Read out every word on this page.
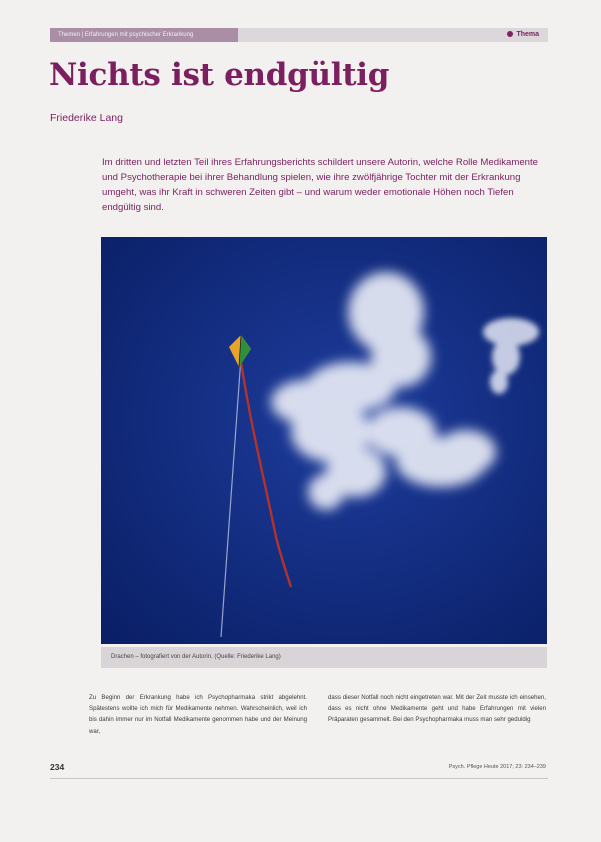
Themen | Erfahrungen mit psychischer Erkrankung	Thema
Nichts ist endgültig
Friederike Lang
Im dritten und letzten Teil ihres Erfahrungsberichts schildert unsere Autorin, welche Rolle Medikamente und Psychotherapie bei ihrer Behandlung spielen, wie ihre zwölfjährige Tochter mit der Erkrankung umgeht, was ihr Kraft in schweren Zeiten gibt – und warum weder emotionale Höhen noch Tiefen endgültig sind.
Drachen – fotografiert von der Autorin. (Quelle: Friederike Lang)
Zu Beginn der Erkrankung habe ich Psychopharmaka strikt abgelehnt. Spätestens wollte ich mich für Medikamente nehmen. Wahrscheinlich, weil ich bis dahin immer nur im Notfall Medikamente genommen habe und der Meinung war,
dass dieser Notfall noch nicht eingetreten war. Mit der Zeit musste ich einsehen, dass es nicht ohne Medikamente geht und habe Erfahrungen mit vielen Präparaten gesammelt. Bei den Psychopharmaka muss man sehr geduldig
234	Psych. Pflege Heute 2017; 23: 234–239
